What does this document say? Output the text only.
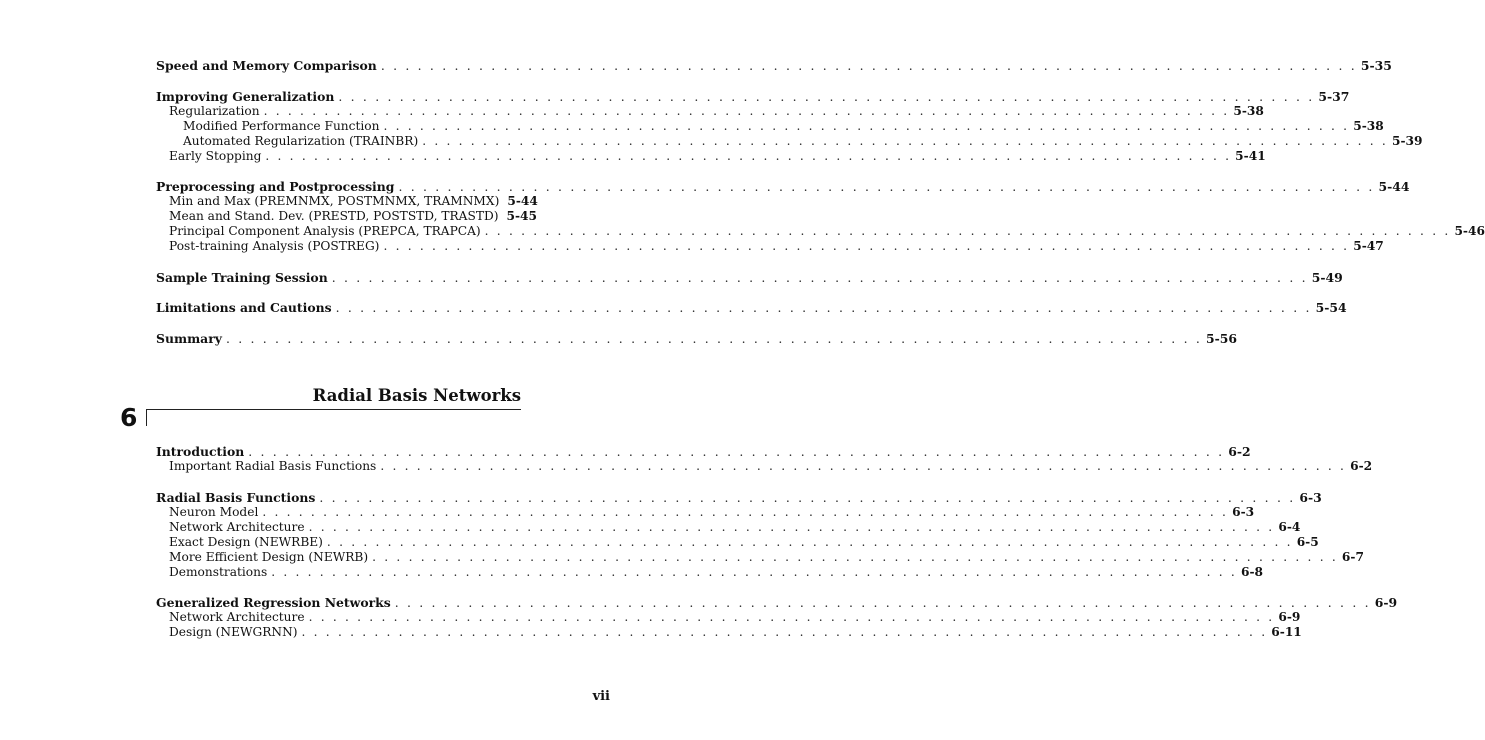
Speed and Memory Comparison . . . . . . . . . . . . . . . . . . . . . . . . . . . . . . . . . . . . . . . . . . . . . . . . . . . . . . . . . . . . . . . . . . . . . . . . . . . . . . . . 5-35
Improving Generalization . . . . . . . . . . . . . . . . . . . . . . . . . . . . . . . . . . . . . . . . . . . . . . . . . . . . . . . . . . . . . . . . . . . . . . . . . . . . . . . . 5-37
Regularization . . . . . . . . . . . . . . . . . . . . . . . . . . . . . . . . . . . . . . . . . . . . . . . . . . . . . . . . . . . . . . . . . . . . . . . . . . . . . . . . 5-38
Modified Performance Function . . . . . . . . . . . . . . . . . . . . . . . . . . . . . . . . . . . . . . . . . . . . . . . . . . . . . . . . . . . . . . . . . . . . . . . . . . . . . . . . 5-38
Automated Regularization (TRAINBR) . . . . . . . . . . . . . . . . . . . . . . . . . . . . . . . . . . . . . . . . . . . . . . . . . . . . . . . . . . . . . . . . . . . . . . . . . . . . . . . . 5-39
Early Stopping . . . . . . . . . . . . . . . . . . . . . . . . . . . . . . . . . . . . . . . . . . . . . . . . . . . . . . . . . . . . . . . . . . . . . . . . . . . . . . . . 5-41
Preprocessing and Postprocessing . . . . . . . . . . . . . . . . . . . . . . . . . . . . . . . . . . . . . . . . . . . . . . . . . . . . . . . . . . . . . . . . . . . . . . . . . . . . . . . . 5-44
Min and Max (PREMNMX, POSTMNMX, TRAMNMX) 5-44
Mean and Stand. Dev. (PRESTD, POSTSTD, TRASTD) 5-45
Principal Component Analysis (PREPCA, TRAPCA) . . . . . . . . . . . . . . . . . . . . . . . . . . . . . . . . . . . . . . . . . . . . . . . . . . . . . . . . . . . . . . . . . . . . . . . . . . . . . . . . 5-46
Post-training Analysis (POSTREG) . . . . . . . . . . . . . . . . . . . . . . . . . . . . . . . . . . . . . . . . . . . . . . . . . . . . . . . . . . . . . . . . . . . . . . . . . . . . . . . . 5-47
Sample Training Session . . . . . . . . . . . . . . . . . . . . . . . . . . . . . . . . . . . . . . . . . . . . . . . . . . . . . . . . . . . . . . . . . . . . . . . . . . . . . . . . 5-49
Limitations and Cautions . . . . . . . . . . . . . . . . . . . . . . . . . . . . . . . . . . . . . . . . . . . . . . . . . . . . . . . . . . . . . . . . . . . . . . . . . . . . . . . . 5-54
Summary . . . . . . . . . . . . . . . . . . . . . . . . . . . . . . . . . . . . . . . . . . . . . . . . . . . . . . . . . . . . . . . . . . . . . . . . . . . . . . . . 5-56
6
Radial Basis Networks
Introduction . . . . . . . . . . . . . . . . . . . . . . . . . . . . . . . . . . . . . . . . . . . . . . . . . . . . . . . . . . . . . . . . . . . . . . . . . . . . . . . . 6-2
Important Radial Basis Functions . . . . . . . . . . . . . . . . . . . . . . . . . . . . . . . . . . . . . . . . . . . . . . . . . . . . . . . . . . . . . . . . . . . . . . . . . . . . . . . . 6-2
Radial Basis Functions . . . . . . . . . . . . . . . . . . . . . . . . . . . . . . . . . . . . . . . . . . . . . . . . . . . . . . . . . . . . . . . . . . . . . . . . . . . . . . . . 6-3
Neuron Model . . . . . . . . . . . . . . . . . . . . . . . . . . . . . . . . . . . . . . . . . . . . . . . . . . . . . . . . . . . . . . . . . . . . . . . . . . . . . . . . 6-3
Network Architecture . . . . . . . . . . . . . . . . . . . . . . . . . . . . . . . . . . . . . . . . . . . . . . . . . . . . . . . . . . . . . . . . . . . . . . . . . . . . . . . . 6-4
Exact Design (NEWRBE) . . . . . . . . . . . . . . . . . . . . . . . . . . . . . . . . . . . . . . . . . . . . . . . . . . . . . . . . . . . . . . . . . . . . . . . . . . . . . . . . 6-5
More Efficient Design (NEWRB) . . . . . . . . . . . . . . . . . . . . . . . . . . . . . . . . . . . . . . . . . . . . . . . . . . . . . . . . . . . . . . . . . . . . . . . . . . . . . . . . 6-7
Demonstrations . . . . . . . . . . . . . . . . . . . . . . . . . . . . . . . . . . . . . . . . . . . . . . . . . . . . . . . . . . . . . . . . . . . . . . . . . . . . . . . . 6-8
Generalized Regression Networks . . . . . . . . . . . . . . . . . . . . . . . . . . . . . . . . . . . . . . . . . . . . . . . . . . . . . . . . . . . . . . . . . . . . . . . . . . . . . . . . 6-9
Network Architecture . . . . . . . . . . . . . . . . . . . . . . . . . . . . . . . . . . . . . . . . . . . . . . . . . . . . . . . . . . . . . . . . . . . . . . . . . . . . . . . . 6-9
Design (NEWGRNN) . . . . . . . . . . . . . . . . . . . . . . . . . . . . . . . . . . . . . . . . . . . . . . . . . . . . . . . . . . . . . . . . . . . . . . . . . . . . . . . . 6-11
vii
